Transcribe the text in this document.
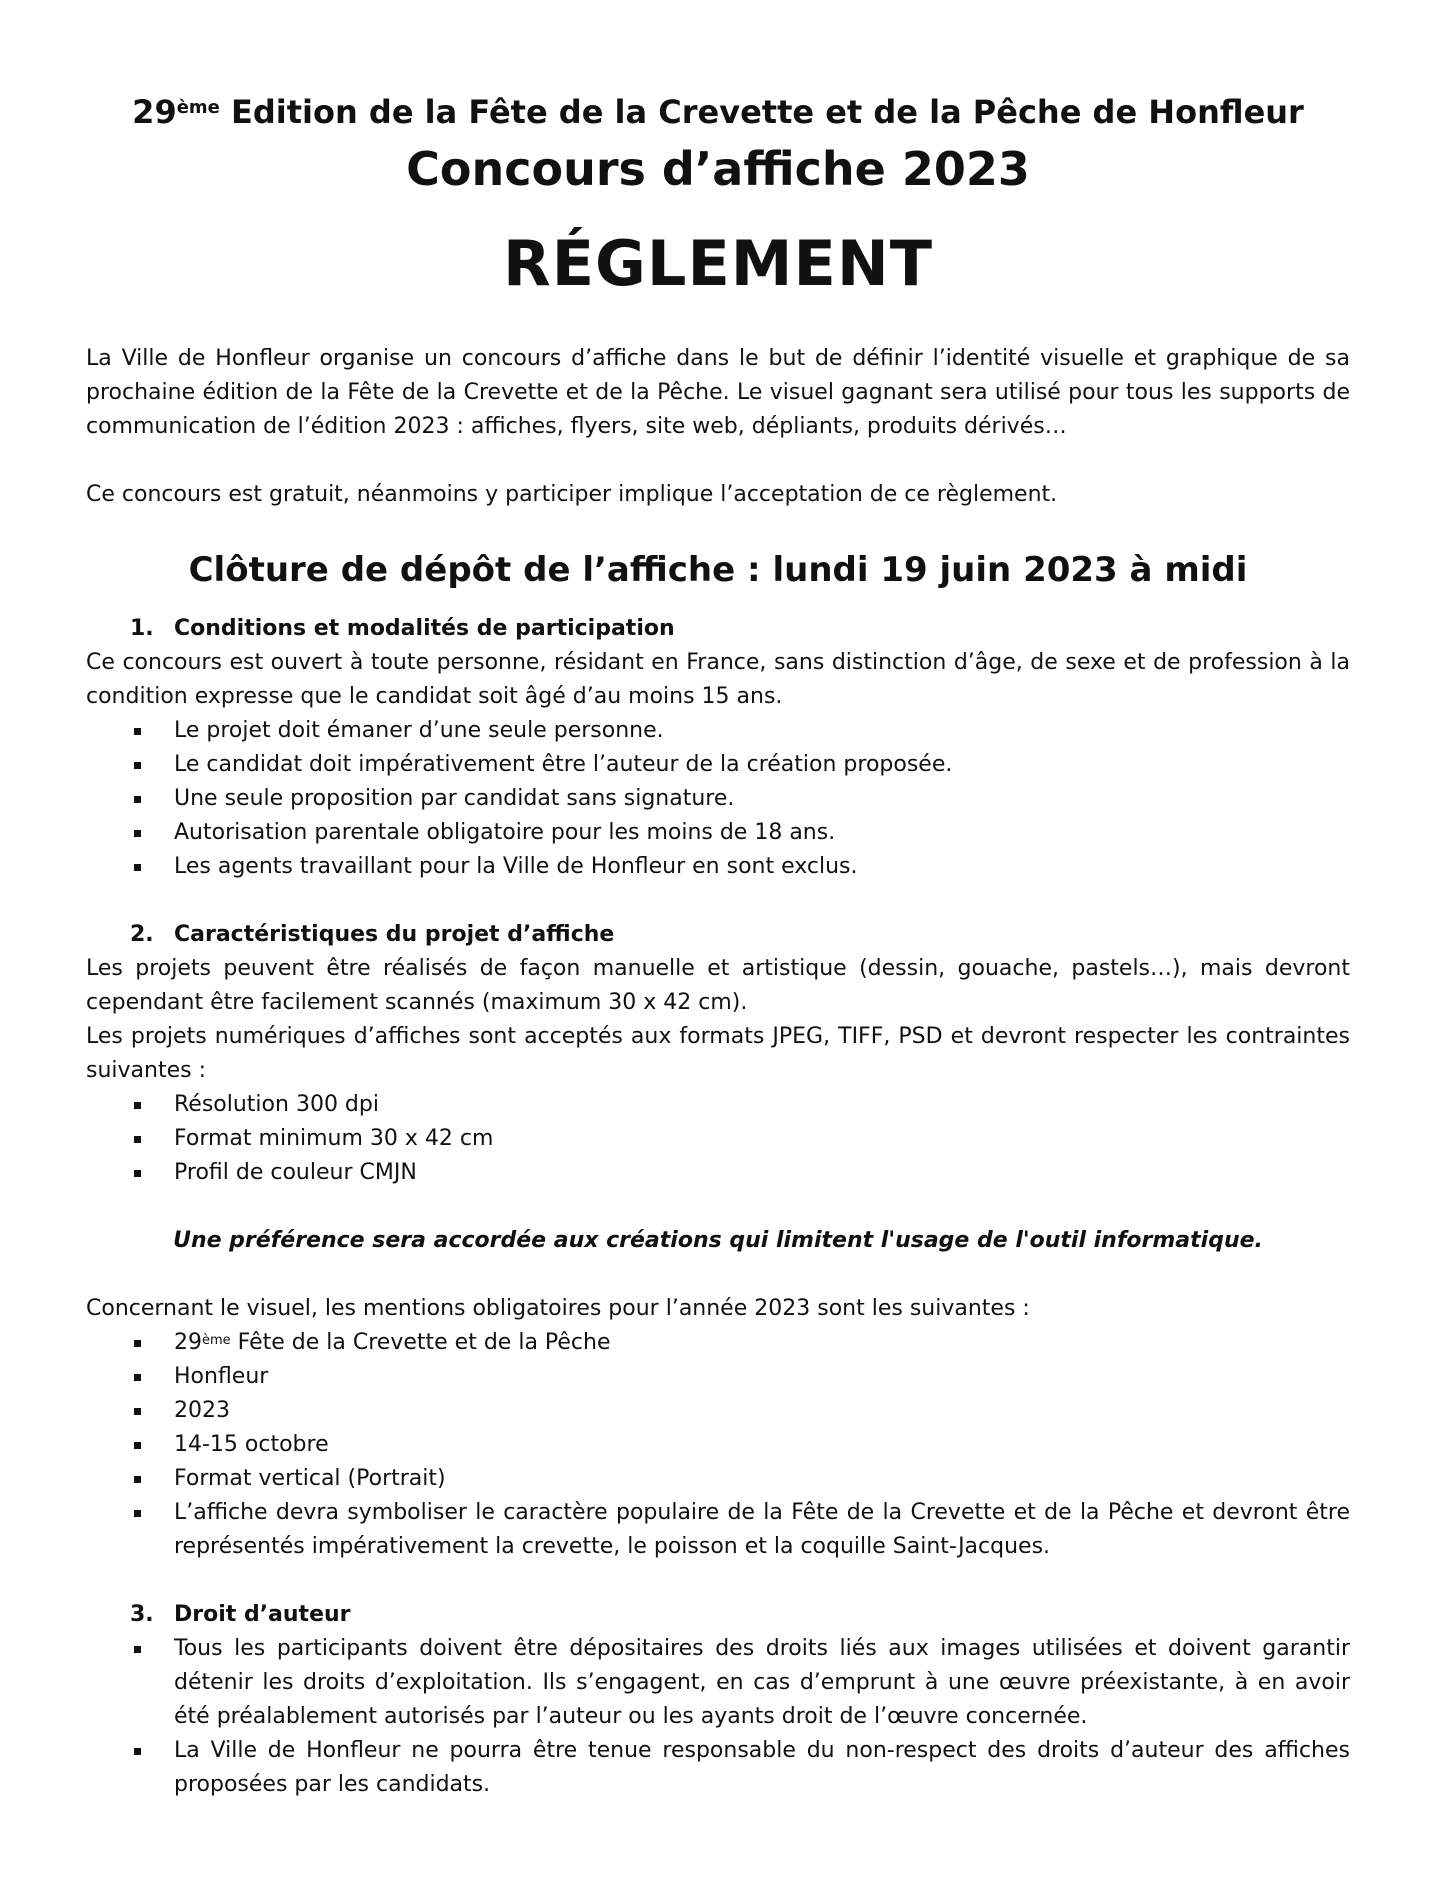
29ème Edition de la Fête de la Crevette et de la Pêche de Honfleur
Concours d’affiche 2023
RÉGLEMENT

La Ville de Honfleur organise un concours d’affiche dans le but de définir l’identité visuelle et graphique de sa prochaine édition de la Fête de la Crevette et de la Pêche. Le visuel gagnant sera utilisé pour tous les supports de communication de l’édition 2023 : affiches, flyers, site web, dépliants, produits dérivés…

Ce concours est gratuit, néanmoins y participer implique l’acceptation de ce règlement.

Clôture de dépôt de l’affiche : lundi 19 juin 2023 à midi
1. Conditions et modalités de participation

Ce concours est ouvert à toute personne, résidant en France, sans distinction d’âge, de sexe et de profession à la condition expresse que le candidat soit âgé d’au moins 15 ans.

Le projet doit émaner d’une seule personne.
Le candidat doit impérativement être l’auteur de la création proposée.
Une seule proposition par candidat sans signature.
Autorisation parentale obligatoire pour les moins de 18 ans.
Les agents travaillant pour la Ville de Honfleur en sont exclus.
2. Caractéristiques du projet d’affiche

Les projets peuvent être réalisés de façon manuelle et artistique (dessin, gouache, pastels…), mais devront cependant être facilement scannés (maximum 30 x 42 cm).

Les projets numériques d’affiches sont acceptés aux formats JPEG, TIFF, PSD et devront respecter les contraintes suivantes :

Résolution 300 dpi
Format minimum 30 x 42 cm
Profil de couleur CMJN

Une préférence sera accordée aux créations qui limitent l'usage de l'outil informatique.

Concernant le visuel, les mentions obligatoires pour l’année 2023 sont les suivantes :

29ème Fête de la Crevette et de la Pêche
Honfleur
2023
14-15 octobre
Format vertical (Portrait)
L’affiche devra symboliser le caractère populaire de la Fête de la Crevette et de la Pêche et devront être représentés impérativement la crevette, le poisson et la coquille Saint-Jacques.
3. Droit d’auteur
Tous les participants doivent être dépositaires des droits liés aux images utilisées et doivent garantir détenir les droits d’exploitation. Ils s’engagent, en cas d’emprunt à une œuvre préexistante, à en avoir été préalablement autorisés par l’auteur ou les ayants droit de l’œuvre concernée.
La Ville de Honfleur ne pourra être tenue responsable du non-respect des droits d’auteur des affiches proposées par les candidats.
